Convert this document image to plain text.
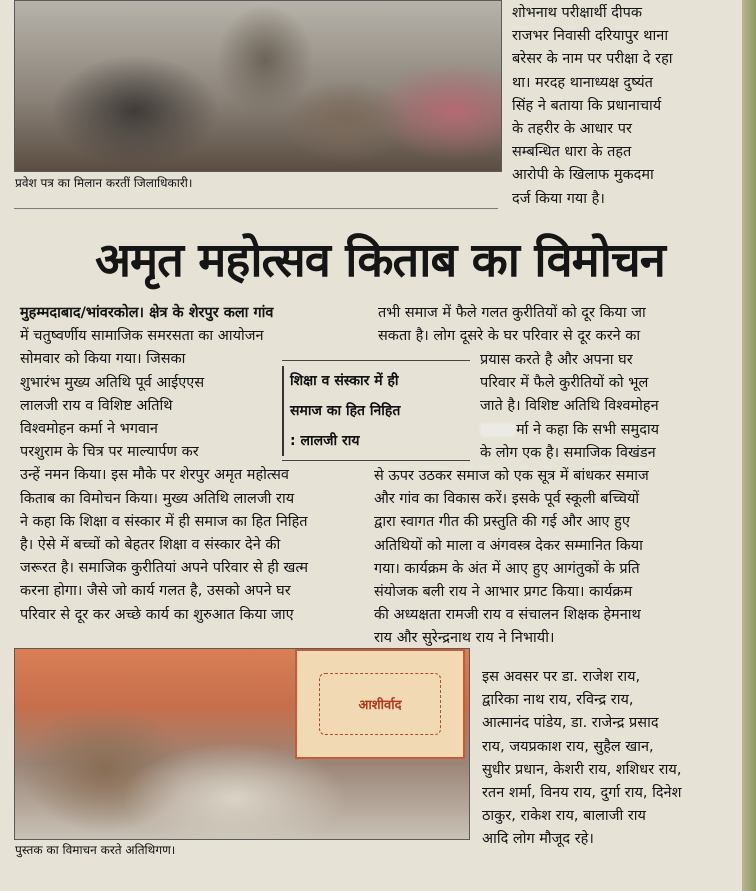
प्रवेश पत्र का मिलान करतीं जिलाधिकारी।
शोभनाथ परीक्षार्थी दीपक
राजभर निवासी दरियापुर थाना
बरेसर के नाम पर परीक्षा दे रहा
था। मरदह थानाध्यक्ष दुष्यंत
सिंह ने बताया कि प्रधानाचार्य
के तहरीर के आधार पर
सम्बन्धित धारा के तहत
आरोपी के खिलाफ मुकदमा
दर्ज किया गया है।
अमृत महोत्सव किताब का विमोचन
मुहम्मदाबाद/भांवरकोल। क्षेत्र के शेरपुर कला गांव
में चतुष्वर्णीय सामाजिक समरसता का आयोजन
सोमवार को किया गया। जिसका
शुभारंभ मुख्य अतिथि पूर्व आईएएस
लालजी राय व विशिष्ट अतिथि
विश्वमोहन कर्मा ने भगवान
परशुराम के चित्र पर माल्यार्पण कर
उन्हें नमन किया। इस मौके पर शेरपुर अमृत महोत्सव
किताब का विमोचन किया। मुख्य अतिथि लालजी राय
ने कहा कि शिक्षा व संस्कार में ही समाज का हित निहित
है। ऐसे में बच्चों को बेहतर शिक्षा व संस्कार देने की
जरूरत है। समाजिक कुरीतियां अपने परिवार से ही खत्म
करना होगा। जैसे जो कार्य गलत है, उसको अपने घर
परिवार से दूर कर अच्छे कार्य का शुरुआत किया जाए
शिक्षा व संस्कार में ही
समाज का हित निहित
: लालजी राय
तभी समाज में फैले गलत कुरीतियों को दूर किया जा
सकता है। लोग दूसरे के घर परिवार से दूर करने का
प्रयास करते है और अपना घर
परिवार में फैले कुरीतियों को भूल
जाते है। विशिष्ट अतिथि विश्वमोहन
र्मा ने कहा कि सभी समुदाय
के लोग एक है। समाजिक विखंडन
से ऊपर उठकर समाज को एक सूत्र में बांधकर समाज
और गांव का विकास करें। इसके पूर्व स्कूली बच्चियों
द्वारा स्वागत गीत की प्रस्तुति की गई और आए हुए
अतिथियों को माला व अंगवस्त्र देकर सम्मानित किया
गया। कार्यक्रम के अंत में आए हुए आगंतुकों के प्रति
संयोजक बली राय ने आभार प्रगट किया। कार्यक्रम
की अध्यक्षता रामजी राय व संचालन शिक्षक हेमनाथ
राय और सुरेन्द्रनाथ राय ने निभायी।
आशीर्वाद
पुस्तक का विमाचन करते अतिथिगण।
इस अवसर पर डा. राजेश राय,
द्वारिका नाथ राय, रविन्द्र राय,
आत्मानंद पांडेय, डा. राजेन्द्र प्रसाद
राय, जयप्रकाश राय, सुहैल खान,
सुधीर प्रधान, केशरी राय, शशिधर राय,
रतन शर्मा, विनय राय, दुर्गा राय, दिनेश
ठाकुर, राकेश राय, बालाजी राय
आदि लोग मौजूद रहे।
